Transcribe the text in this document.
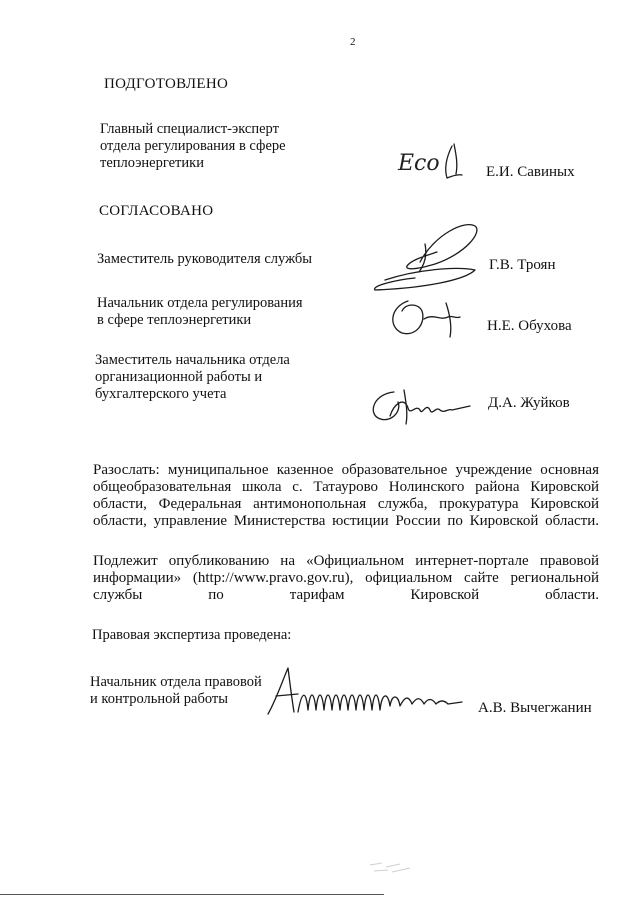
2
ПОДГОТОВЛЕНО
Главный специалист-эксперт
отдела регулирования в сфере
теплоэнергетики	Есо	Е.И. Савиных
СОГЛАСОВАНО
Заместитель руководителя службы	Г.В. Троян
Начальник отдела регулирования
в сфере теплоэнергетики	Н.Е. Обухова
Заместитель начальника отдела
организационной работы и
бухгалтерского учета
Д.А. Жуйков
Разослать: муниципальное казенное образовательное учреждение основная общеобразовательная школа с. Татаурово Нолинского района Кировской области, Федеральная антимонопольная служба, прокуратура Кировской области, управление Министерства юстиции России по Кировской области.
Подлежит опубликованию на «Официальном интернет-портале правовой информации» (http://www.pravo.gov.ru), официальном сайте региональной службы по тарифам Кировской области.
Правовая экспертиза проведена:
Начальник отдела правовой
и контрольной работы
А.В. Вычегжанин
